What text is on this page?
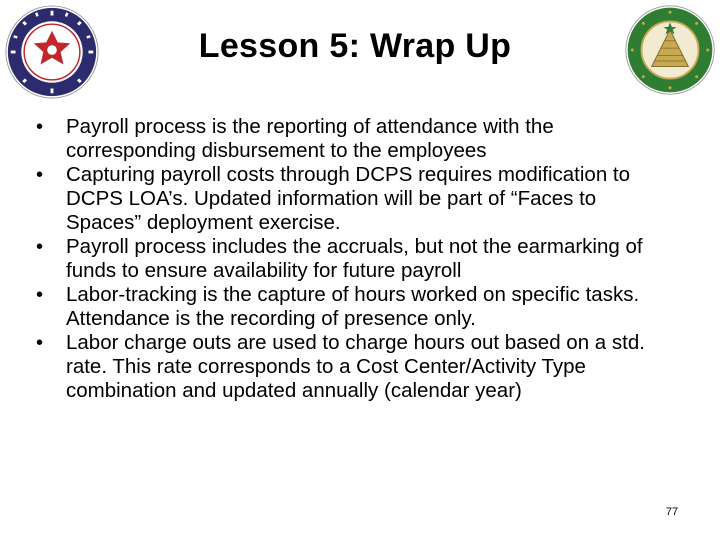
Lesson 5: Wrap Up
•	Payroll process is the reporting of attendance with the corresponding disbursement to the employees
•	Capturing payroll costs through DCPS requires modification to DCPS LOA’s. Updated information will be part of “Faces to Spaces” deployment exercise.
•	Payroll process includes the accruals, but not the earmarking of funds to ensure availability for future payroll
•	Labor-tracking is the capture of hours worked on specific tasks. Attendance is the recording of presence only.
•	Labor charge outs are used to charge hours out based on a std. rate. This rate corresponds to a Cost Center/Activity Type combination and updated annually (calendar year)
77
